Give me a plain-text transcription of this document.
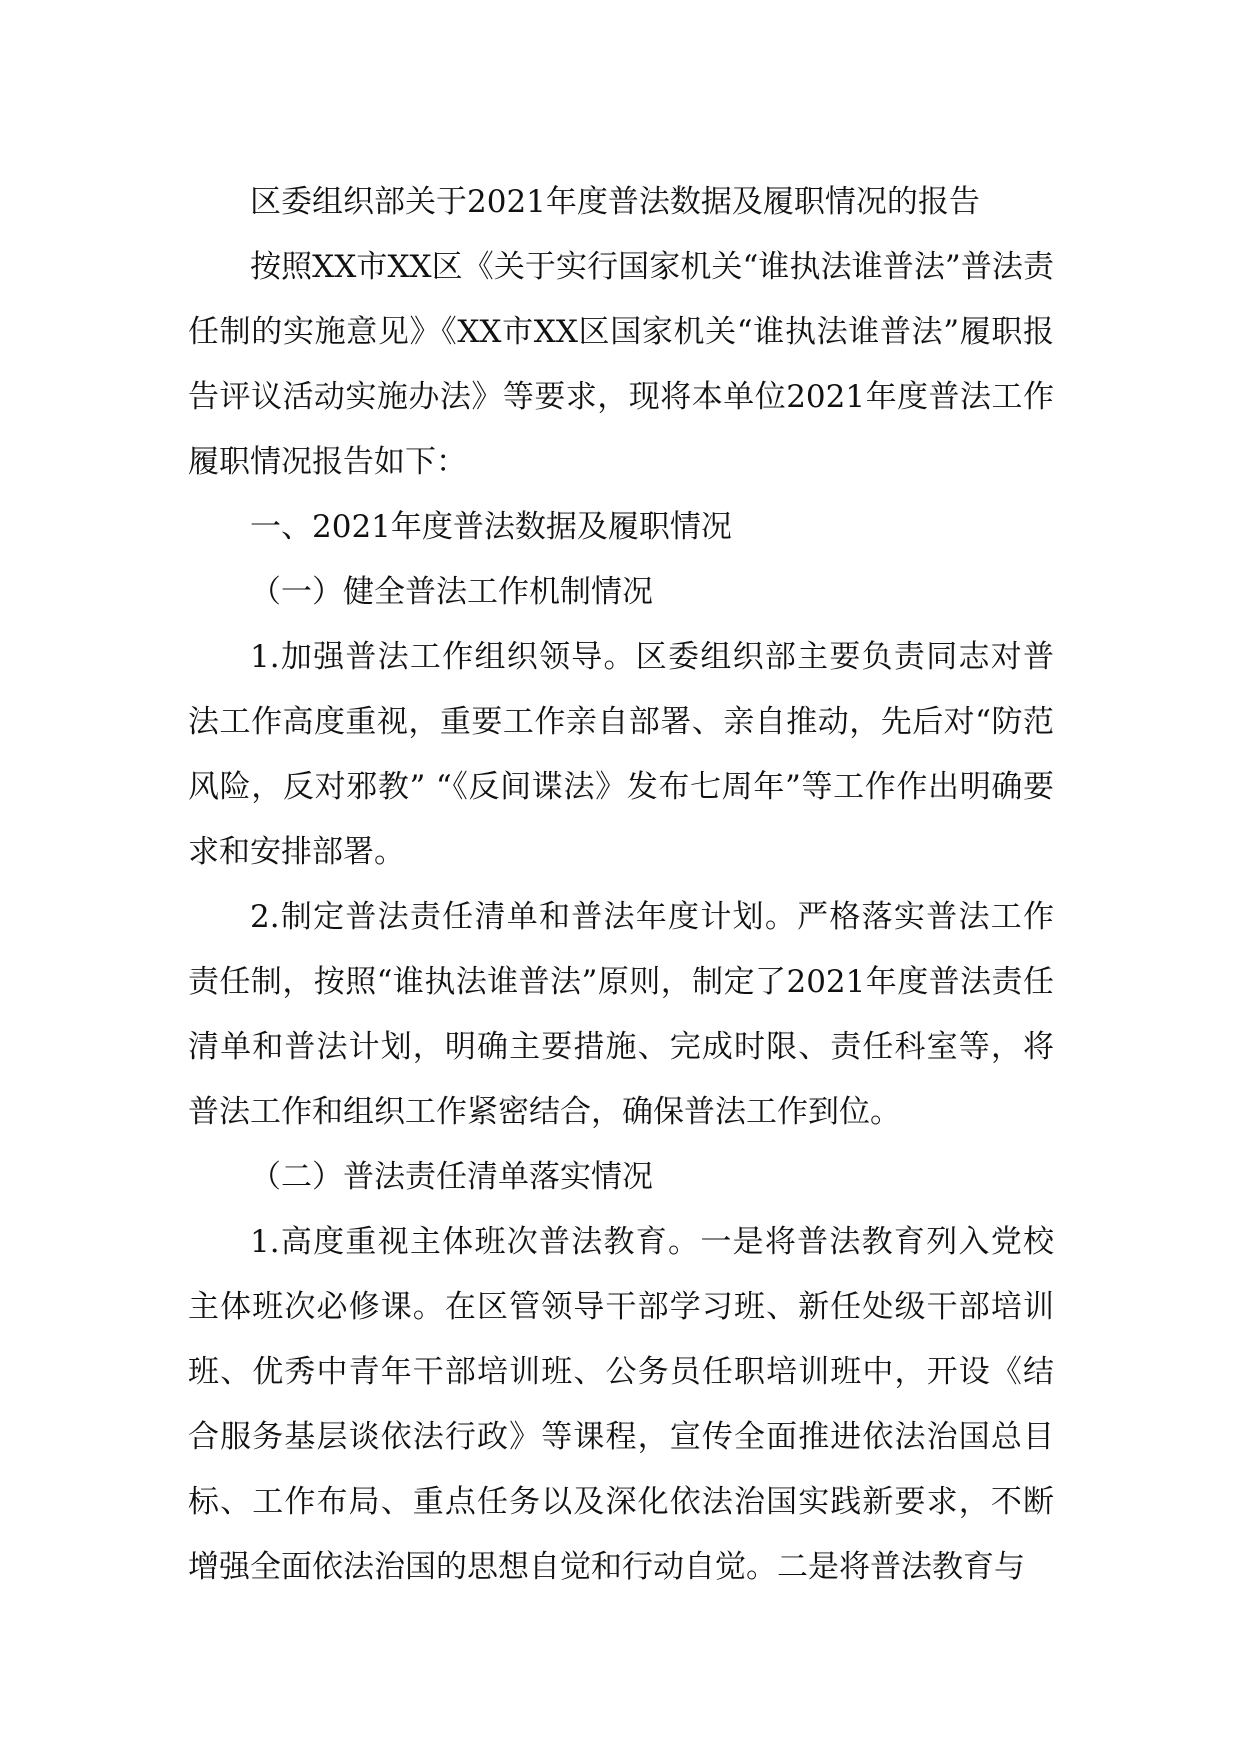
区委组织部关于2021年度普法数据及履职情况的报告

按照XX市XX区《关于实行国家机关“谁执法谁普法”普法责任制的实施意见》《XX市XX区国家机关“谁执法谁普法”履职报告评议活动实施办法》等要求，现将本单位2021年度普法工作履职情况报告如下：

一、2021年度普法数据及履职情况

（一）健全普法工作机制情况

1.加强普法工作组织领导。区委组织部主要负责同志对普法工作高度重视，重要工作亲自部署、亲自推动，先后对“防范风险，反对邪教” “《反间谍法》发布七周年”等工作作出明确要求和安排部署。

2.制定普法责任清单和普法年度计划。严格落实普法工作责任制，按照“谁执法谁普法”原则，制定了2021年度普法责任清单和普法计划，明确主要措施、完成时限、责任科室等，将普法工作和组织工作紧密结合，确保普法工作到位。

（二）普法责任清单落实情况

1.高度重视主体班次普法教育。一是将普法教育列入党校主体班次必修课。在区管领导干部学习班、新任处级干部培训班、优秀中青年干部培训班、公务员任职培训班中，开设《结合服务基层谈依法行政》等课程，宣传全面推进依法治国总目标、工作布局、重点任务以及深化依法治国实践新要求，不断增强全面依法治国的思想自觉和行动自觉。二是将普法教育与
